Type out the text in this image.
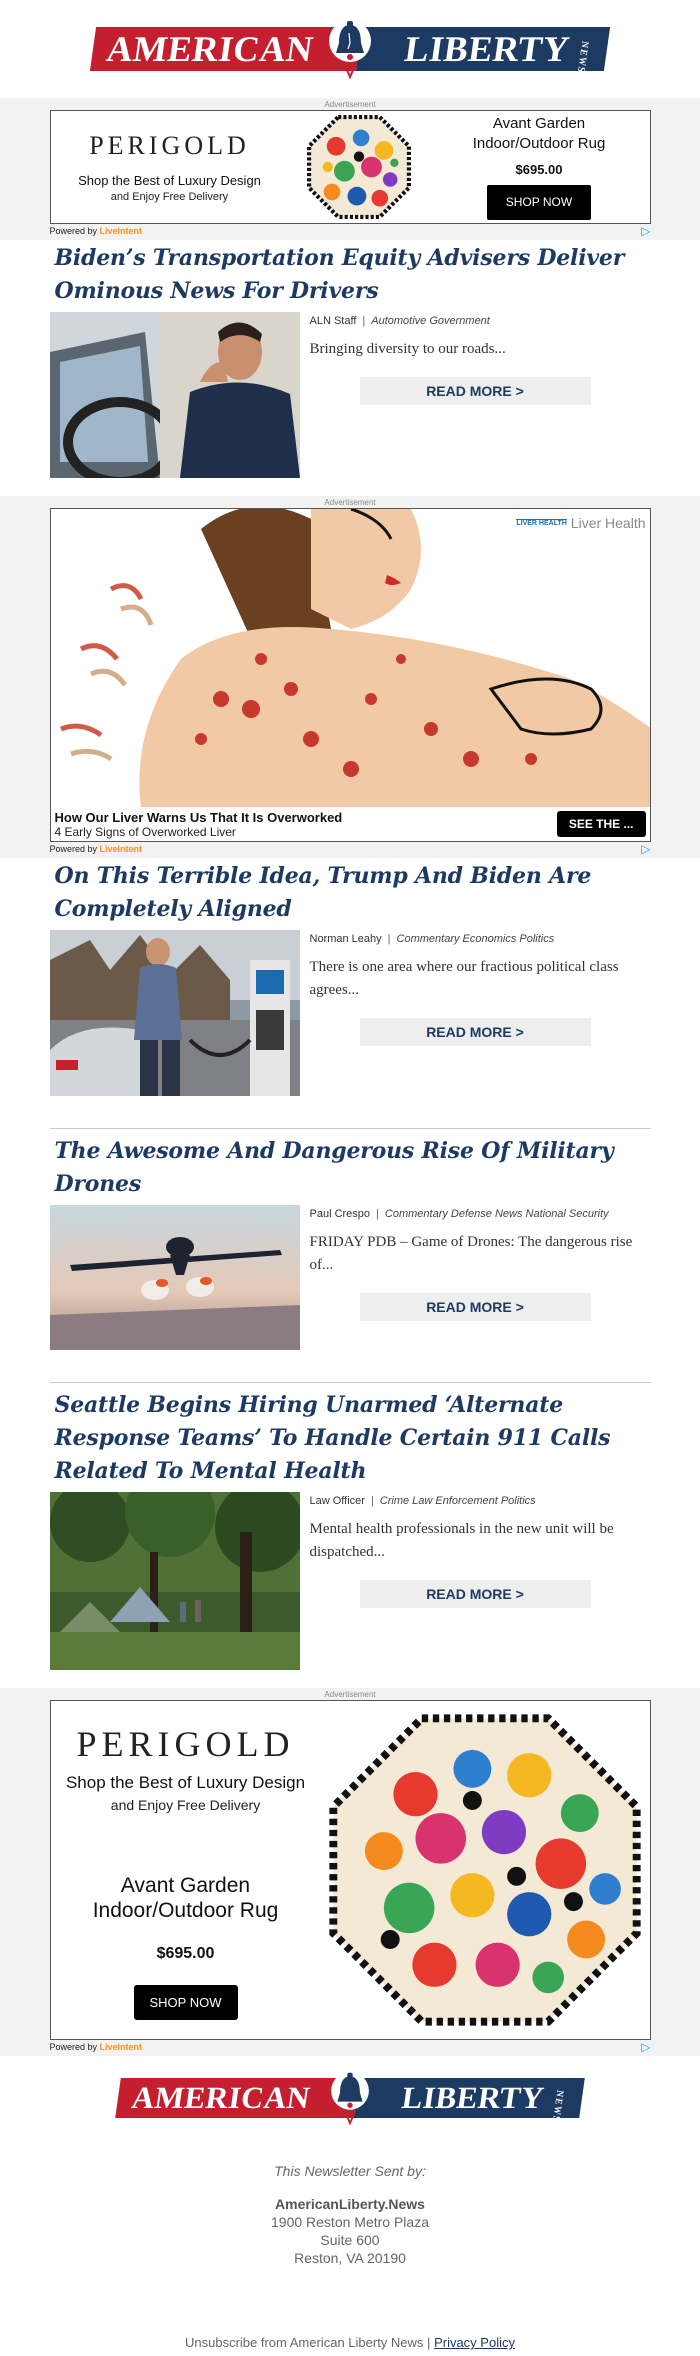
AMERICAN	LIBERTY NEWS
Advertisement
PERIGOLD
Shop the Best of Luxury Design
and Enjoy Free Delivery
Avant Garden
Indoor/Outdoor Rug
$695.00
SHOP NOW
Powered by LiveIntent	▷
Biden’s Transportation Equity Advisers Deliver Ominous News For Drivers
ALN Staff | Automotive Government
Bringing diversity to our roads...
READ MORE >
Advertisement
LIVER HEALTH Liver Health
How Our Liver Warns Us That It Is Overworked
4 Early Signs of Overworked Liver
SEE THE ...
Powered by LiveIntent	▷
On This Terrible Idea, Trump And Biden Are Completely Aligned
Norman Leahy | Commentary Economics Politics
There is one area where our fractious political class agrees...
READ MORE >
The Awesome And Dangerous Rise Of Military Drones
Paul Crespo | Commentary Defense News National Security
FRIDAY PDB – Game of Drones: The dangerous rise of...
READ MORE >
Seattle Begins Hiring Unarmed ‘Alternate Response Teams’ To Handle Certain 911 Calls Related To Mental Health
Law Officer | Crime Law Enforcement Politics
Mental health professionals in the new unit will be dispatched...
READ MORE >
Advertisement
PERIGOLD
Shop the Best of Luxury Design
and Enjoy Free Delivery
Avant Garden
Indoor/Outdoor Rug
$695.00
SHOP NOW
Powered by LiveIntent	▷
AMERICAN	LIBERTY NEWS
This Newsletter Sent by:
AmericanLiberty.News
1900 Reston Metro Plaza
Suite 600
Reston, VA 20190
Unsubscribe from American Liberty News | Privacy Policy
